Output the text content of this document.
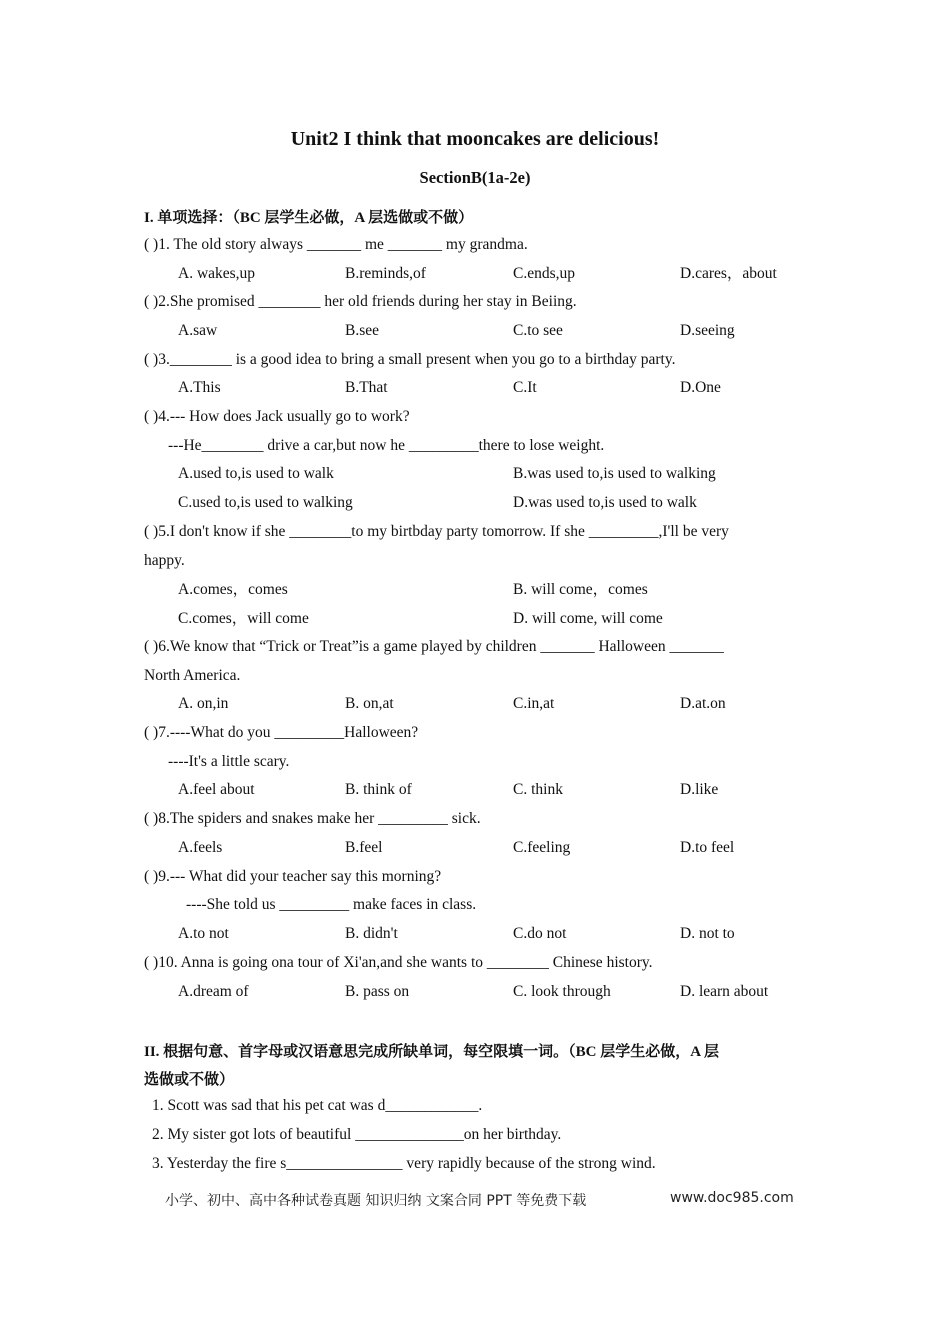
Unit2 I think that mooncakes are delicious!
SectionB(1a-2e)
I. 单项选择：（BC 层学生必做，A 层选做或不做）
( )1. The old story always _______ me _______ my grandma.
A. wakes,up	B.reminds,of	C.ends,up	D.cares，about
( )2.She promised ________ her old friends during her stay in Beiing.
A.saw	B.see	C.to see	D.seeing
( )3.________ is a good idea to bring a small present when you go to a birthday party.
A.This	B.That	C.It	D.One
( )4.--- How does Jack usually go to work?
---He________ drive a car,but now he _________there to lose weight.
A.used to,is used to walk	B.was used to,is used to walking
C.used to,is used to walking	D.was used to,is used to walk
( )5.I don't know if she ________to my birtbday party tomorrow. If she _________,I'll be very
happy.
A.comes，comes	B. will come，comes
C.comes，will come	D. will come, will come
( )6.We know that “Trick or Treat”is a game played by children _______ Halloween _______
North America.
A. on,in	B. on,at	C.in,at	D.at.on
( )7.----What do you _________Halloween?
----It's a little scary.
A.feel about	B. think of	C. think	D.like
( )8.The spiders and snakes make her _________ sick.
A.feels	B.feel	C.feeling	D.to feel
( )9.--- What did your teacher say this morning?
----She told us _________ make faces in class.
A.to not	B. didn't	C.do not	D. not to
( )10. Anna is going ona tour of Xi'an,and she wants to ________ Chinese history.
A.dream of	B. pass on	C. look through	D. learn about
II. 根据句意、首字母或汉语意思完成所缺单词，每空限填一词。（BC 层学生必做，A 层
选做或不做）
1. Scott was sad that his pet cat was d____________.
2. My sister got lots of beautiful ______________on her birthday.
3. Yesterday the fire s_______________ very rapidly because of the strong wind.
小学、初中、高中各种试卷真题 知识归纳 文案合同 PPT 等免费下载	www.doc985.com
